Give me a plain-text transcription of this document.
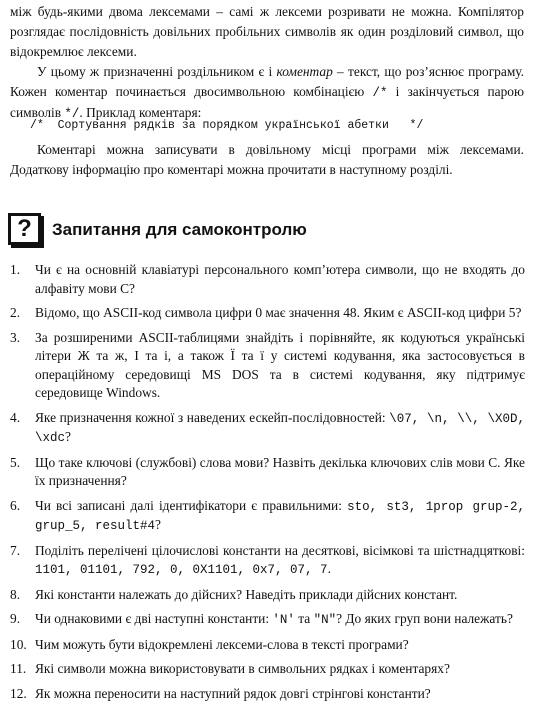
між будь-якими двома лексемами – самі ж лексеми розривати не можна. Компілятор розглядає послідовність довільних пробільних символів як один розділовий символ, що відокремлює лексеми.

У цьому ж призначенні роздільником є і коментар – текст, що роз’яснює програму. Кожен коментар починається двосимвольною комбінацією /* і закінчується парою символів */. Приклад коментаря:

/*  Сортування рядків за порядком української абетки   */

Коментарі можна записувати в довільному місці програми між лексемами. Додаткову інформацію про коментарі можна прочитати в наступному розділі.

?	Запитання для самоконтролю
1. Чи є на основній клавіатурі персонального комп’ютера символи, що не входять до алфавіту мови С?
2. Відомо, що ASCII-код символа цифри 0 має значення 48. Яким є ASCII-код цифри 5?
3. За розширеними ASCII-таблицями знайдіть і порівняйте, як кодуються українські літери Ж та ж, І та і, а також Ї та ї у системі кодування, яка застосовується в операційному середовищі MS DOS та в системі кодування, яку підтримує середовище Windows.
4. Яке призначення кожної з наведених ескейп-послідовностей: \07, \n, \\, \X0D, \xdc?
5. Що таке ключові (службові) слова мови? Назвіть декілька ключових слів мови С. Яке їх призначення?
6. Чи всі записані далі ідентифікатори є правильними: sto, st3, 1prop grup-2, grup_5, result#4?
7. Поділіть перелічені цілочислові константи на десяткові, вісімкові та шістнадцяткові: 1101, 01101, 792, 0, 0X1101, 0x7, 07, 7.
8. Які константи належать до дійсних? Наведіть приклади дійсних констант.
9. Чи однаковими є дві наступні константи: 'N' та "N"? До яких груп вони належать?
10. Чим можуть бути відокремлені лексеми-слова в тексті програми?
11. Які символи можна використовувати в символьних рядках і коментарях?
12. Як можна переносити на наступний рядок довгі стрінгові константи?
